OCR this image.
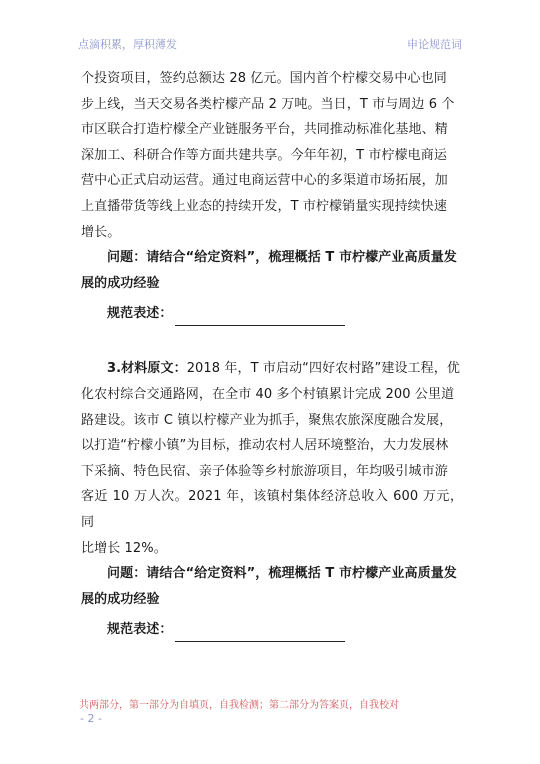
点滴积累，厚积薄发	申论规范词

个投资项目，签约总额达 28 亿元。国内首个柠檬交易中心也同

步上线，当天交易各类柠檬产品 2 万吨。当日，T 市与周边 6 个

市区联合打造柠檬全产业链服务平台，共同推动标准化基地、精

深加工、科研合作等方面共建共享。今年年初，T 市柠檬电商运

营中心正式启动运营。通过电商运营中心的多渠道市场拓展，加

上直播带货等线上业态的持续开发，T 市柠檬销量实现持续快速

增长。

问题：请结合“给定资料”，梳理概括 T 市柠檬产业高质量发

展的成功经验

规范表述：

3.材料原文：2018 年，T 市启动“四好农村路”建设工程，优

化农村综合交通路网，在全市 40 多个村镇累计完成 200 公里道

路建设。该市 C 镇以柠檬产业为抓手，聚焦农旅深度融合发展，

以打造“柠檬小镇”为目标，推动农村人居环境整治，大力发展林

下采摘、特色民宿、亲子体验等乡村旅游项目，年均吸引城市游

客近 10 万人次。2021 年，该镇村集体经济总收入 600 万元，同

比增长 12%。

问题：请结合“给定资料”，梳理概括 T 市柠檬产业高质量发

展的成功经验

规范表述：
共两部分，第一部分为自填页，自我检测；第二部分为答案页，自我校对
- 2 -
